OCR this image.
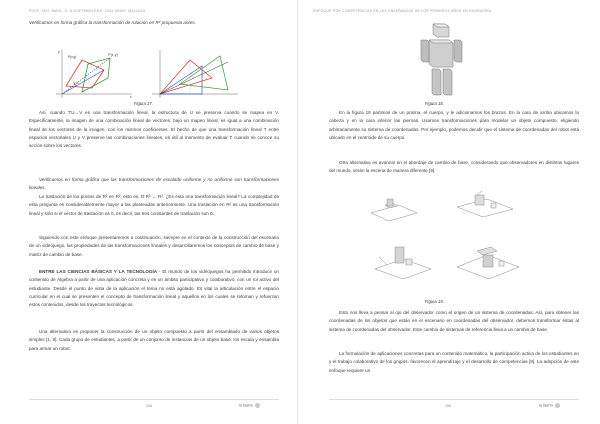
PDDF, SKO. BMOL. O. D.DGFPMMN EMS. ZVAL KBMO. MALIAGG
Verificamos en forma gráfica la transformación de rotación en R² propuesta antes.
P(x,y)	P'(x',y')
y
x
θ
Figura 17.
Así, cuando T:U→V es una transformación lineal, la estructura de U se preserva cuando se mapea en V. Específicamente, la imagen de una combinación lineal de vectores, bajo un mapeo lineal, es igual a una combinación lineal de los vectores de la imagen, con los mismos coeficientes. El hecho de que una transformación lineal T entre espacios vectoriales U y V preserve las combinaciones lineales, es útil al momento de evaluar T cuando se conoce su acción sobre los vectores.
Verificamos en forma gráfica que las transformaciones de escalado uniforme y no uniforme son transformaciones lineales.
La traslación de los puntos de R² en R², esto es, D:R² → R². ¿Es ésta una transformación lineal? La complejidad de esta pregunta es considerablemente mayor a las planteadas anteriormente. Una traslación en R² es una transformación lineal y solo si el vector de traslación es 0, es decir, las tres constantes de traslación son 0.
Siguiendo con este enfoque presentaremos a continuación, siempre en el contexto de la construcción del escenario de un videojuego, las propiedades de las transformaciones lineales y desarrollaremos los conceptos de cambio de base y matriz de cambio de base.
ENTRE LAS CIENCIAS BÁSICAS Y LA TECNOLOGÍA - El mundo de los videojuegos ha permitido introducir un contenido de Álgebra a partir de una aplicación concreta y en un ámbito participativo y colaborativo, con un rol activo del estudiante. Desde el punto de vista de la aplicación el tema no está agotado. Es vital la articulación entre el espacio curricular en el cual se presenten el concepto de transformación lineal y aquellos en los cuales se retoman y refuerzan estos contenidos, desde los trayectos tecnológicos.
Una alternativa es proponer la construcción de un objeto compuesto a partir del ensamblado de varios objetos simples [1, 9]. Cada grupo de estudiantes, a partir de un conjunto de instancias de un objeto base, los escala y ensambla para armar un robot.
208	la fadcio
ENFOQUE POR COMPETENCIAS EN LAS ENSEÑANZAS DE LOS PRIMEROS AÑOS EN INGENIERÍA
Figura 18.
En la figura 18 partimos de un prisma, el cuerpo, y le adicionamos los brazos. En la cara de arriba ubicamos la cabeza y en la cara inferior las piernas. Usamos transformaciones para modelar un objeto compuesto, eligiendo arbitrariamente su sistema de coordenadas. Por ejemplo, podemos decidir que el sistema de coordenadas del robot está ubicado en el centroide de su cuerpo.
Otra alternativa es avanzar en el abordaje de cambio de base, considerando que observadores en distintos lugares del mundo, verán la escena de manera diferente [9].
Figura 19.
Esto nos lleva a pensar al ojo del observador como el origen de un sistema de coordenadas. Así, para obtener las coordenadas de los objetos que están en el escenario en coordenadas del observador, debemos transformar éstas al sistema de coordenadas del observador. Este cambio de sistemas de referencia lleva a un cambio de base.
La formulación de aplicaciones concretas para un contenido matemático, la participación activa de los estudiantes en y el trabajo colaborativo de los grupos, favorecen el aprendizaje y el desarrollo de competencias [8]. La adopción de este enfoque requiere un
209	la fadcio
